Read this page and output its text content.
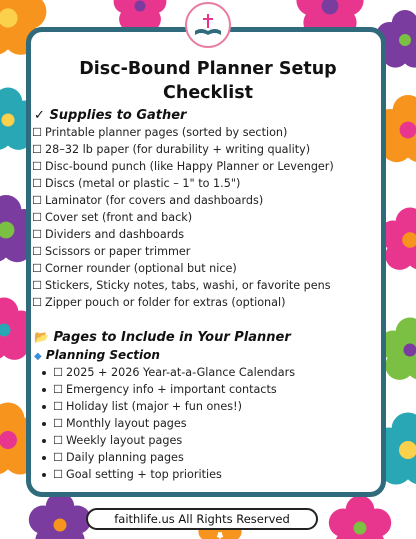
Disc-Bound Planner Setup
Checklist
✓ Supplies to Gather
☐ Printable planner pages (sorted by section)
☐ 28–32 lb paper (for durability + writing quality)
☐ Disc-bound punch (like Happy Planner or Levenger)
☐ Discs (metal or plastic – 1" to 1.5")
☐ Laminator (for covers and dashboards)
☐ Cover set (front and back)
☐ Dividers and dashboards
☐ Scissors or paper trimmer
☐ Corner rounder (optional but nice)
☐ Stickers, Sticky notes, tabs, washi, or favorite pens
☐ Zipper pouch or folder for extras (optional)
📂 Pages to Include in Your Planner
◆ Planning Section
☐ 2025 + 2026 Year-at-a-Glance Calendars
☐ Emergency info + important contacts
☐ Holiday list (major + fun ones!)
☐ Monthly layout pages
☐ Weekly layout pages
☐ Daily planning pages
☐ Goal setting + top priorities
faithlife.us All Rights Reserved
